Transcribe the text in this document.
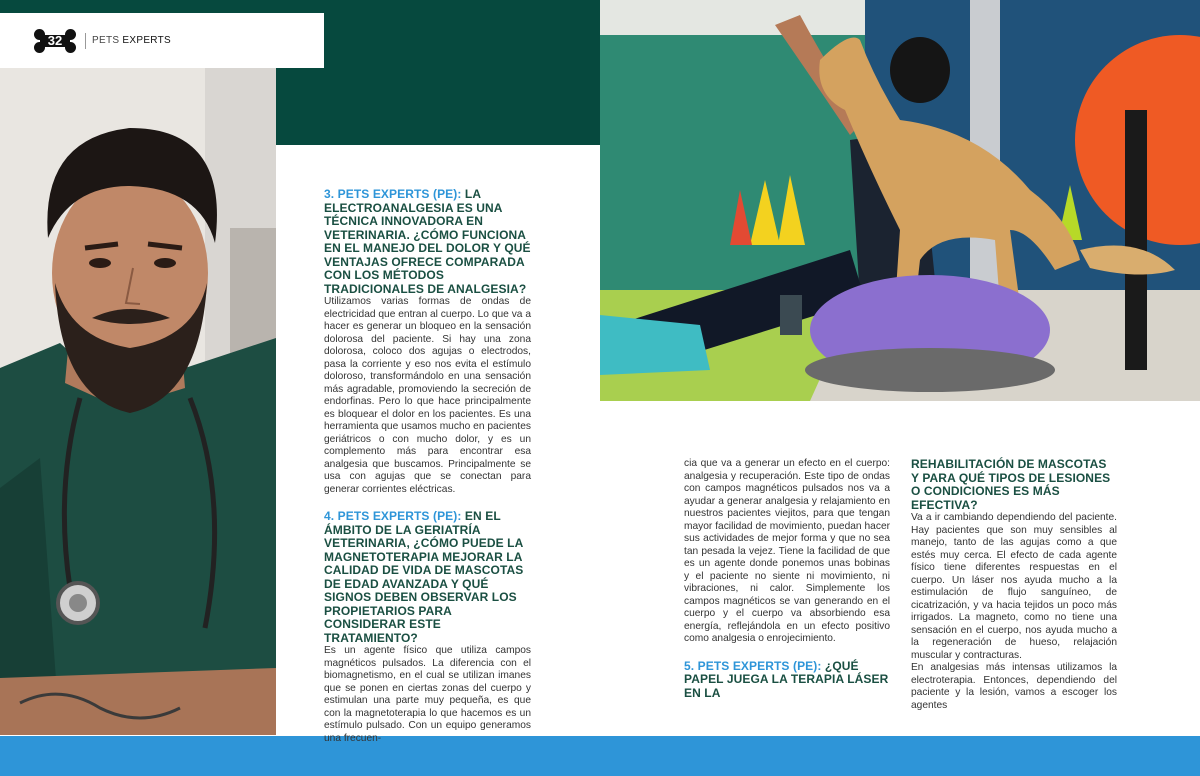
32	PETS EXPERTS
3. PETS EXPERTS (PE): LA ELECTROANALGESIA ES UNA TÉCNICA INNOVADORA EN VETERINARIA. ¿CÓMO FUNCIONA EN EL MANEJO DEL DOLOR Y QUÉ VENTAJAS OFRECE COMPARADA CON LOS MÉTODOS TRADICIONALES DE ANALGESIA?

Utilizamos varias formas de ondas de electricidad que entran al cuerpo. Lo que va a hacer es generar un bloqueo en la sensación dolorosa del paciente. Si hay una zona dolorosa, coloco dos agujas o electrodos, pasa la corriente y eso nos evita el estímulo doloroso, transformándolo en una sensación más agradable, promoviendo la secreción de endorfinas. Pero lo que hace principalmente es bloquear el dolor en los pacientes. Es una herramienta que usamos mucho en pacientes geriátricos o con mucho dolor, y es un complemento más para encontrar esa analgesia que buscamos. Principalmente se usa con agujas que se conectan para generar corrientes eléctricas.

4. PETS EXPERTS (PE): EN EL ÁMBITO DE LA GERIATRÍA VETERINARIA, ¿CÓMO PUEDE LA MAGNETOTERAPIA MEJORAR LA CALIDAD DE VIDA DE MASCOTAS DE EDAD AVANZADA Y QUÉ SIGNOS DEBEN OBSERVAR LOS PROPIETARIOS PARA CONSIDERAR ESTE TRATAMIENTO?

Es un agente físico que utiliza campos magnéticos pulsados. La diferencia con el biomagnetismo, en el cual se utilizan imanes que se ponen en ciertas zonas del cuerpo y estimulan una parte muy pequeña, es que con la magnetoterapia lo que hacemos es un estímulo pulsado. Con un equipo generamos una frecuen-

cia que va a generar un efecto en el cuerpo: analgesia y recuperación. Este tipo de ondas con campos magnéticos pulsados nos va a ayudar a generar analgesia y relajamiento en nuestros pacientes viejitos, para que tengan mayor facilidad de movimiento, puedan hacer sus actividades de mejor forma y que no sea tan pesada la vejez. Tiene la facilidad de que es un agente donde ponemos unas bobinas y el paciente no siente ni movimiento, ni vibraciones, ni calor. Simplemente los campos magnéticos se van generando en el cuerpo y el cuerpo va absorbiendo esa energía, reflejándola en un efecto positivo como analgesia o enrojecimiento.

5. PETS EXPERTS (PE): ¿QUÉ PAPEL JUEGA LA TERAPIA LÁSER EN LA
REHABILITACIÓN DE MASCOTAS Y PARA QUÉ TIPOS DE LESIONES O CONDICIONES ES MÁS EFECTIVA?

Va a ir cambiando dependiendo del paciente. Hay pacientes que son muy sensibles al manejo, tanto de las agujas como a que estés muy cerca. El efecto de cada agente físico tiene diferentes respuestas en el cuerpo. Un láser nos ayuda mucho a la estimulación de flujo sanguíneo, de cicatrización, y va hacia tejidos un poco más irrigados. La magneto, como no tiene una sensación en el cuerpo, nos ayuda mucho a la regeneración de hueso, relajación muscular y contracturas.

En analgesias más intensas utilizamos la electroterapia. Entonces, dependiendo del paciente y la lesión, vamos a escoger los agentes
